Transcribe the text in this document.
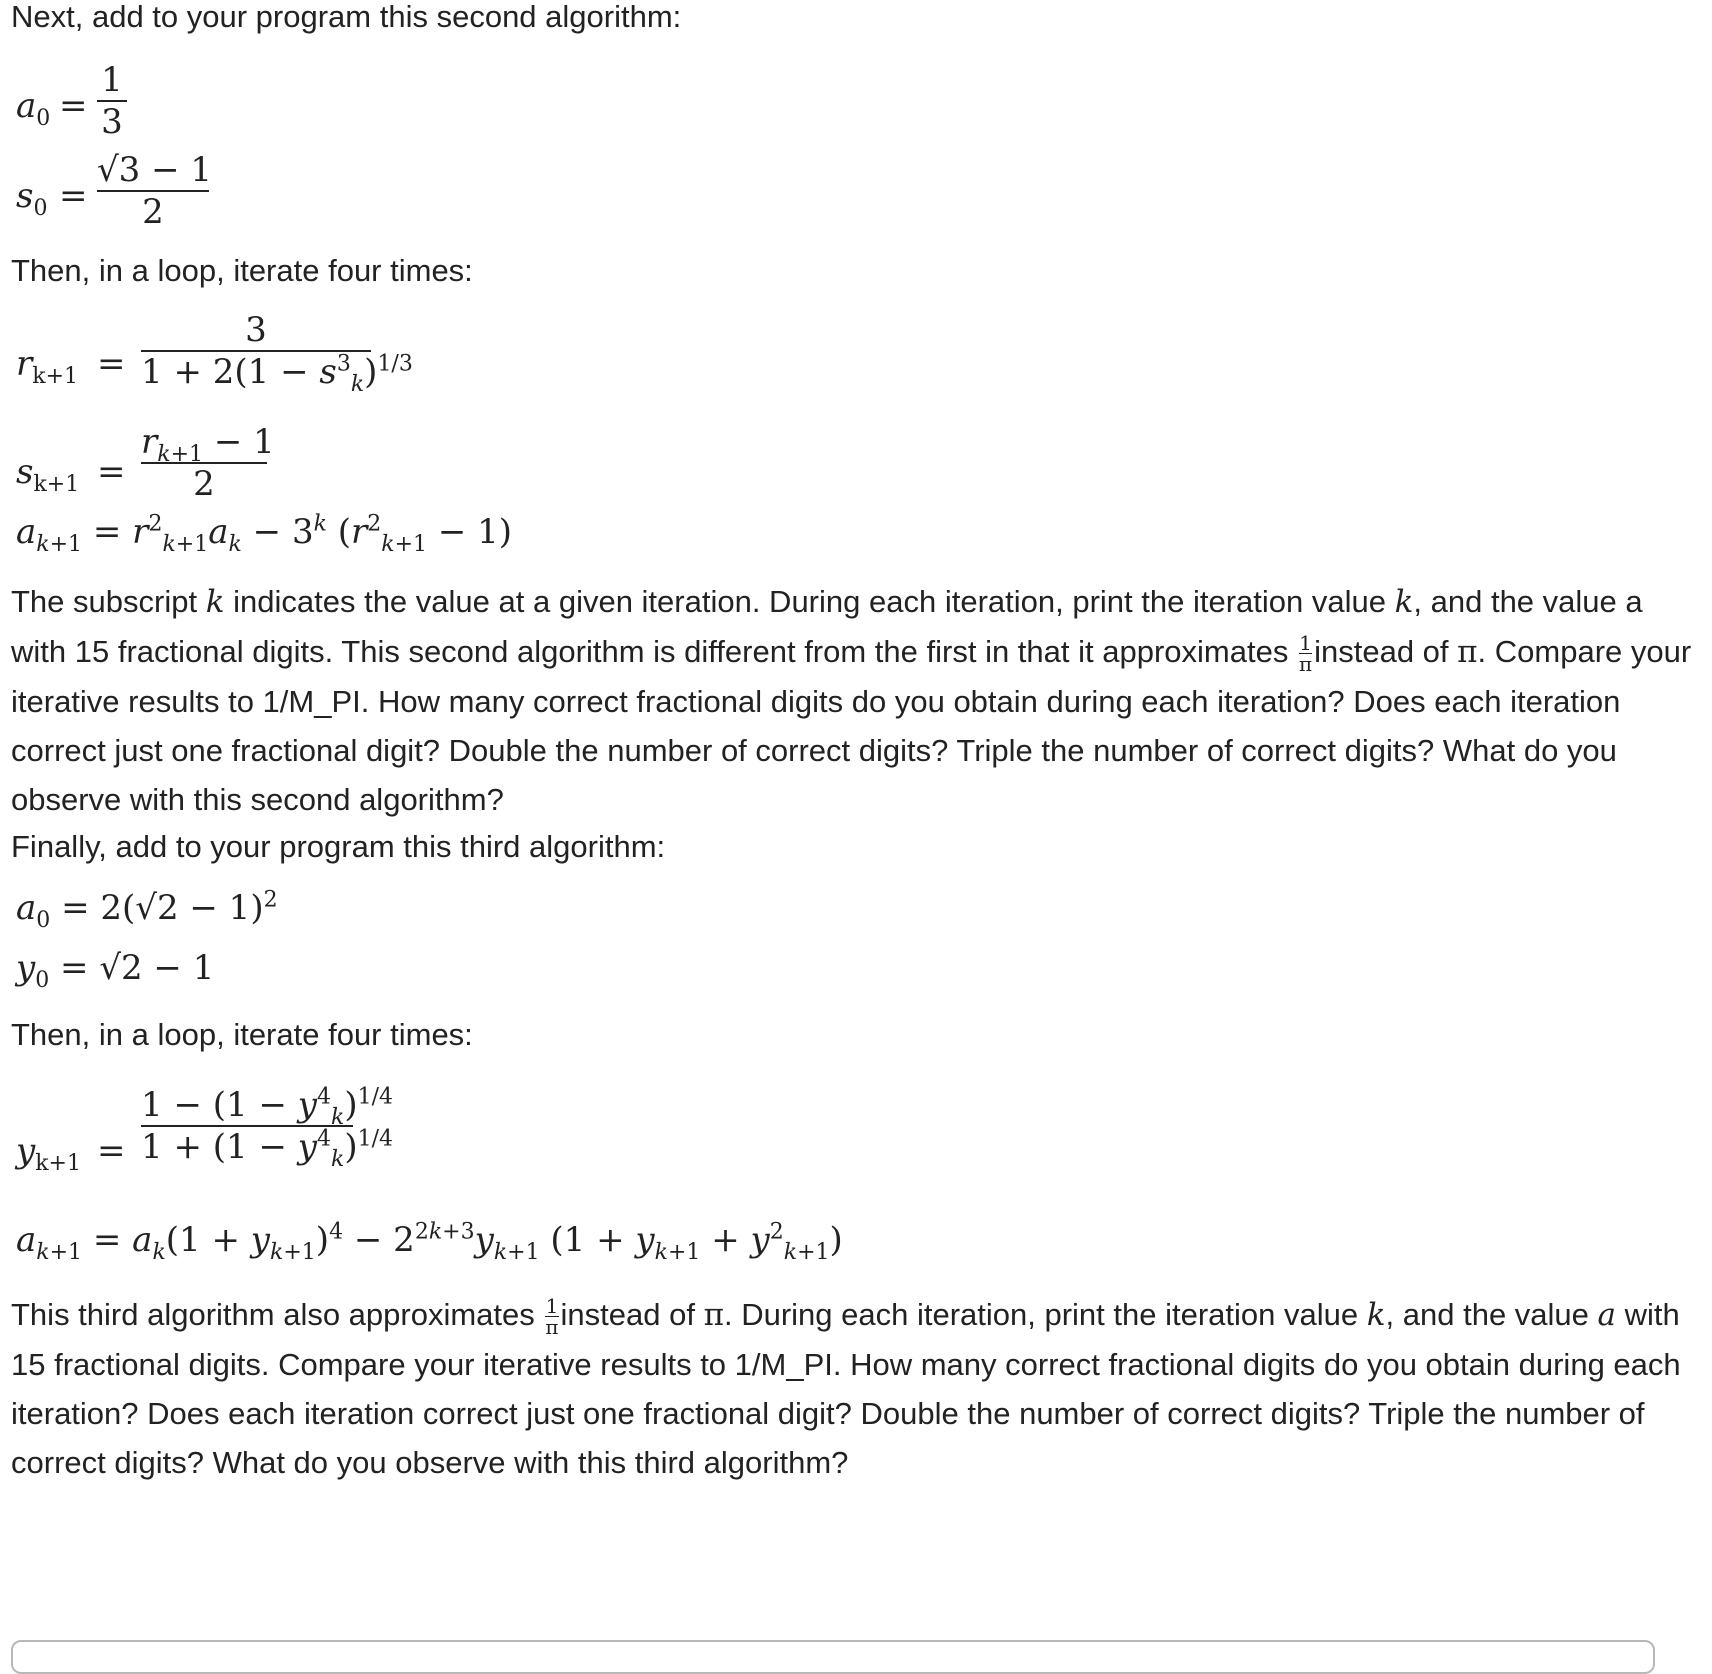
Next, add to your program this second algorithm:

$a_0$ =
1
3
$s_0$ =
√3 − 1
2

Then, in a loop, iterate four times:

$r_{k+1}$ =
3
$1 + 2(1 - s^3_k)^{1/3}$
$s_{k+1}$ =
$r_{k+1} - 1$
2
$a_{k+1} = r^2_{k+1}a_k - 3^k$ $(r^2_{k+1} - 1)$

The subscript k indicates the value at a given iteration. During each iteration, print the iteration value k, and the value a with 15 fractional digits. This second algorithm is different from the first in that it approximates $\frac{1}{\pi}$ instead of π. Compare your iterative results to 1/M_PI. How many correct fractional digits do you obtain during each iteration? Does each iteration correct just one fractional digit? Double the number of correct digits? Triple the number of correct digits? What do you observe with this second algorithm?

Finally, add to your program this third algorithm:

$a_0 = 2(√2 - 1)^2$
$y_0 = √2 - 1$

Then, in a loop, iterate four times:

$y_{k+1}$ =
$1 - (1 - y^4_k)^{1/4}$
$1 + (1 - y^4_k)^{1/4}$
$a_{k+1} = a_k(1 + y_{k+1})^4 - 2^{2k+3}y_{k+1}$ $(1 + y_{k+1} + y^2_{k+1})$

This third algorithm also approximates $\frac{1}{\pi}$ instead of π. During each iteration, print the iteration value k, and the value a with 15 fractional digits. Compare your iterative results to 1/M_PI. How many correct fractional digits do you obtain during each iteration? Does each iteration correct just one fractional digit? Double the number of correct digits? Triple the number of correct digits? What do you observe with this third algorithm?
